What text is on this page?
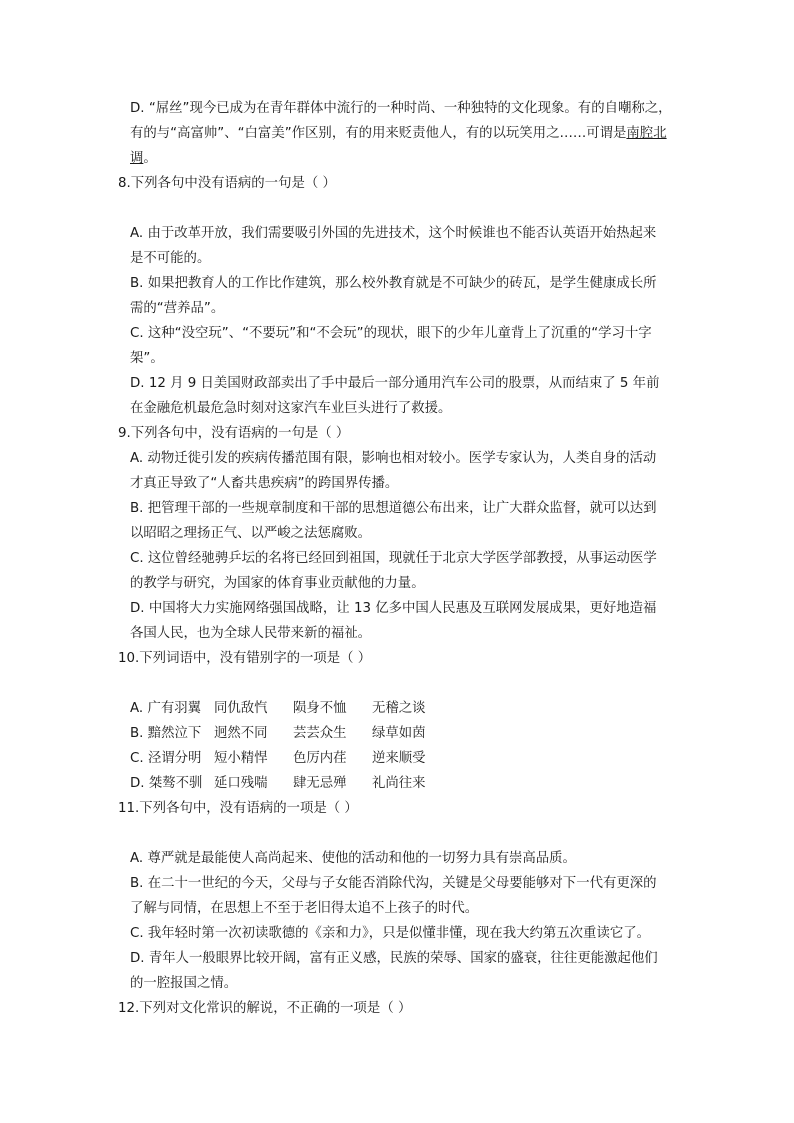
D. “屌丝”现今已成为在青年群体中流行的一种时尚、一种独特的文化现象。有的自嘲称之，
有的与“高富帅”、“白富美”作区别，有的用来贬责他人，有的以玩笑用之……可谓是南腔北
调。
8.下列各句中没有语病的一句是（ ）
A. 由于改革开放，我们需要吸引外国的先进技术，这个时候谁也不能否认英语开始热起来
是不可能的。
B. 如果把教育人的工作比作建筑，那么校外教育就是不可缺少的砖瓦，是学生健康成长所
需的“营养品”。
C. 这种“没空玩”、“不要玩”和“不会玩”的现状，眼下的少年儿童背上了沉重的“学习十字
架”。
D. 12 月 9 日美国财政部卖出了手中最后一部分通用汽车公司的股票，从而结束了 5 年前
在金融危机最危急时刻对这家汽车业巨头进行了救援。
9.下列各句中，没有语病的一句是（ ）
A. 动物迁徙引发的疾病传播范围有限，影响也相对较小。医学专家认为，人类自身的活动
才真正导致了“人畜共患疾病”的跨国界传播。
B. 把管理干部的一些规章制度和干部的思想道德公布出来，让广大群众监督，就可以达到
以昭昭之理扬正气、以严峻之法惩腐败。
C. 这位曾经驰骋乒坛的名将已经回到祖国，现就任于北京大学医学部教授，从事运动医学
的教学与研究，为国家的体育事业贡献他的力量。
D. 中国将大力实施网络强国战略，让 13 亿多中国人民惠及互联网发展成果，更好地造福
各国人民，也为全球人民带来新的福祉。
10.下列词语中，没有错别字的一项是（ ）
A. 广有羽翼 同仇敌忾 陨身不恤 无稽之谈
B. 黯然泣下 迥然不同 芸芸众生 绿草如茵
C. 泾谓分明 短小精悍 色厉内荏 逆来顺受
D. 桀骜不驯 延口残喘 肆无忌殚 礼尚往来
11.下列各句中，没有语病的一项是（ ）
A. 尊严就是最能使人高尚起来、使他的活动和他的一切努力具有崇高品质。
B. 在二十一世纪的今天，父母与子女能否消除代沟，关键是父母要能够对下一代有更深的
了解与同情，在思想上不至于老旧得太追不上孩子的时代。
C. 我年轻时第一次初读歌德的《亲和力》，只是似懂非懂，现在我大约第五次重读它了。
D. 青年人一般眼界比较开阔，富有正义感，民族的荣辱、国家的盛衰，往往更能激起他们
的一腔报国之情。
12.下列对文化常识的解说，不正确的一项是（ ）
